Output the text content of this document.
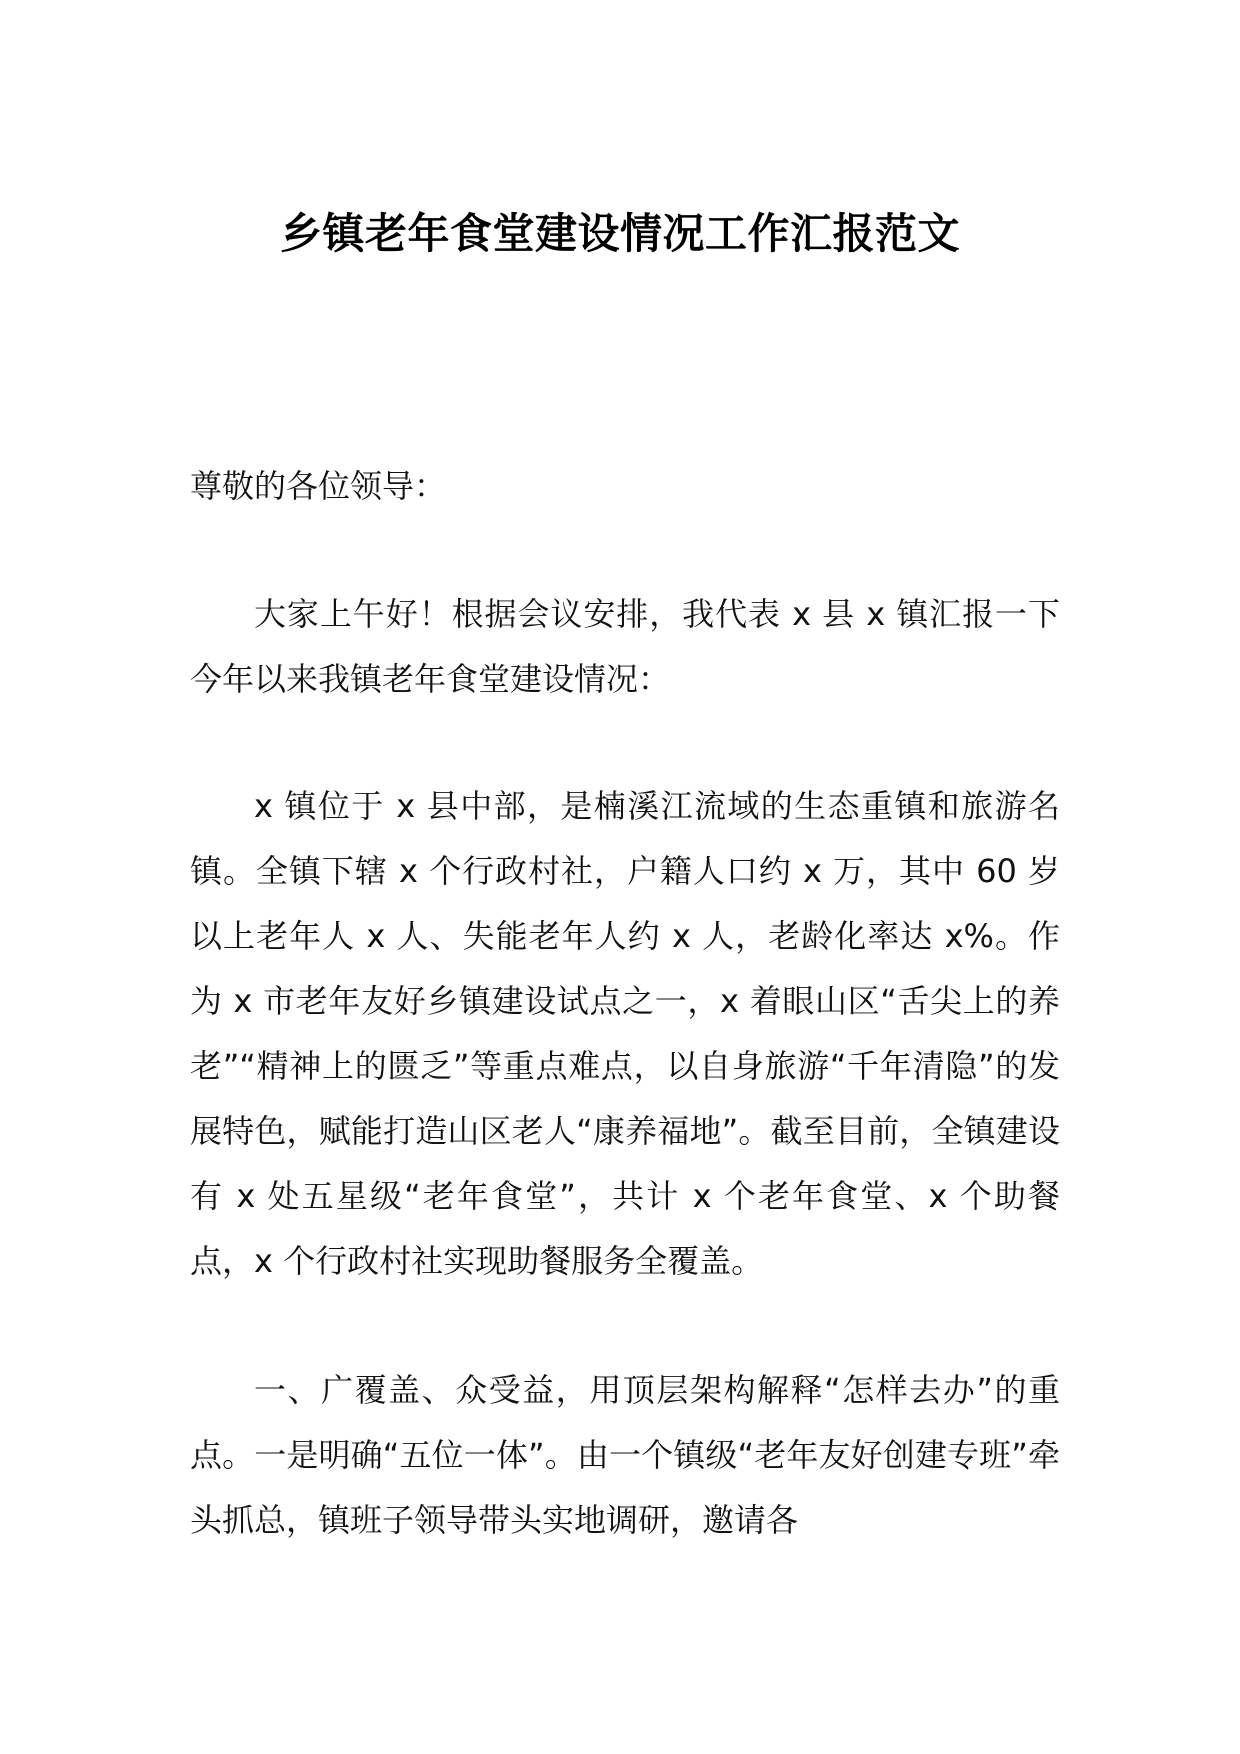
乡镇老年食堂建设情况工作汇报范文

尊敬的各位领导：

大家上午好！根据会议安排，我代表 x 县 x 镇汇报一下今年以来我镇老年食堂建设情况：

x 镇位于 x 县中部，是楠溪江流域的生态重镇和旅游名镇。全镇下辖 x 个行政村社，户籍人口约 x 万，其中 60 岁以上老年人 x 人、失能老年人约 x 人，老龄化率达 x%。作为 x 市老年友好乡镇建设试点之一，x 着眼山区“舌尖上的养老”“精神上的匮乏”等重点难点，以自身旅游“千年清隐”的发展特色，赋能打造山区老人“康养福地”。截至目前，全镇建设有 x 处五星级“老年食堂”，共计 x 个老年食堂、x 个助餐点，x 个行政村社实现助餐服务全覆盖。

一、广覆盖、众受益，用顶层架构解释“怎样去办”的重点。一是明确“五位一体”。由一个镇级“老年友好创建专班”牵头抓总，镇班子领导带头实地调研，邀请各
